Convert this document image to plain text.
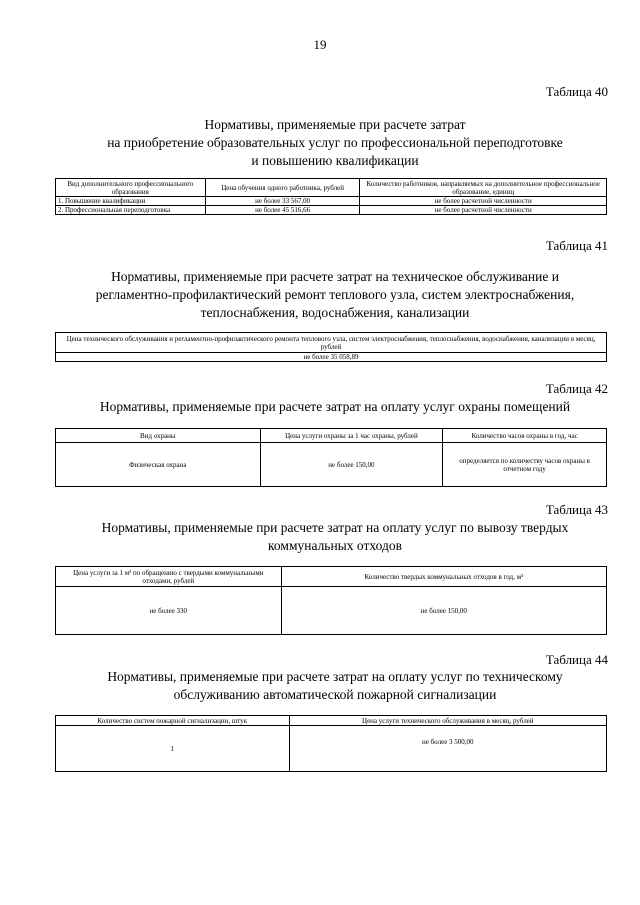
19
Таблица 40
Нормативы, применяемые при расчете затрат
на приобретение образовательных услуг по профессиональной переподготовке
и повышению квалификации
Вид дополнительного профессионального образования	Цена обучения одного работника, рублей	Количество работников, направляемых на дополнительное профессиональное образование, единиц
1. Повышение квалификации	не более 33 567,00	не более расчетной численности
2. Профессиональная переподготовка	не более 45 516,66	не более расчетной численности
Таблица 41
Нормативы, применяемые при расчете затрат на техническое обслуживание и
регламентно-профилактический ремонт теплового узла, систем электроснабжения,
теплоснабжения, водоснабжения, канализации
Цена технического обслуживания и регламентно-профилактического ремонта теплового узла, систем электроснабжения, теплоснабжения, водоснабжения, канализации в месяц, рублей
не более 35 058,89
Таблица 42
Нормативы, применяемые при расчете затрат на оплату услуг охраны помещений
Вид охраны	Цена услуги охраны за 1 час охраны, рублей	Количество часов охраны в год, час
Физическая охрана	не более 150,00	определяется по количеству часов охраны в отчетном году
Таблица 43
Нормативы, применяемые при расчете затрат на оплату услуг по вывозу твердых
коммунальных отходов
Цена услуги за 1 м³ по обращению с твердыми коммунальными отходами, рублей	Количество твердых коммунальных отходов в год, м³
не более 330	не более 150,00
Таблица 44
Нормативы, применяемые при расчете затрат на оплату услуг по техническому
обслуживанию автоматической пожарной сигнализации
Количество систем пожарной сигнализации, штук	Цена услуги технического обслуживания в месяц, рублей
1	не более 3 500,00
